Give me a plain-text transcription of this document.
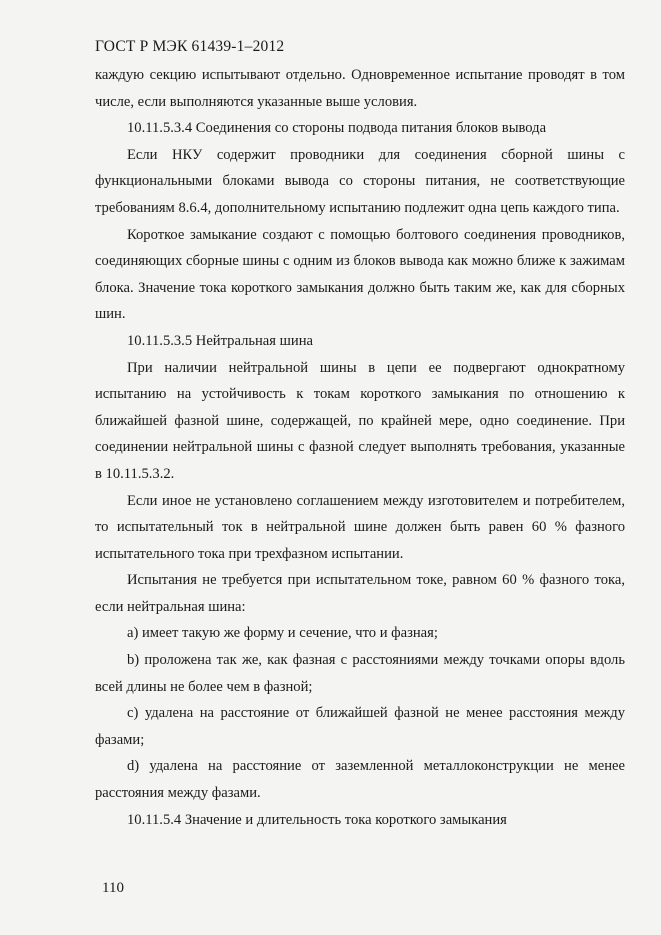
ГОСТ Р МЭК 61439-1–2012

каждую секцию испытывают отдельно. Одновременное испытание проводят в том числе, если выполняются указанные выше условия.

10.11.5.3.4 Соединения со стороны подвода питания блоков вывода

Если НКУ содержит проводники для соединения сборной шины с функциональными блоками вывода со стороны питания, не соответствующие требованиям 8.6.4, дополнительному испытанию подлежит одна цепь каждого типа.

Короткое замыкание создают с помощью болтового соединения проводников, соединяющих сборные шины с одним из блоков вывода как можно ближе к зажимам блока. Значение тока короткого замыкания должно быть таким же, как для сборных шин.

10.11.5.3.5 Нейтральная шина

При наличии нейтральной шины в цепи ее подвергают однократному испытанию на устойчивость к токам короткого замыкания по отношению к ближайшей фазной шине, содержащей, по крайней мере, одно соединение. При соединении нейтральной шины с фазной следует выполнять требования, указанные в 10.11.5.3.2.

Если иное не установлено соглашением между изготовителем и потребителем, то испытательный ток в нейтральной шине должен быть равен 60 % фазного испытательного тока при трехфазном испытании.

Испытания не требуется при испытательном токе, равном 60 % фазного тока, если нейтральная шина:

a) имеет такую же форму и сечение, что и фазная;

b) проложена так же, как фазная с расстояниями между точками опоры вдоль всей длины не более чем в фазной;

c) удалена на расстояние от ближайшей фазной не менее расстояния между фазами;

d) удалена на расстояние от заземленной металлоконструкции не менее расстояния между фазами.

10.11.5.4 Значение и длительность тока короткого замыкания

110
